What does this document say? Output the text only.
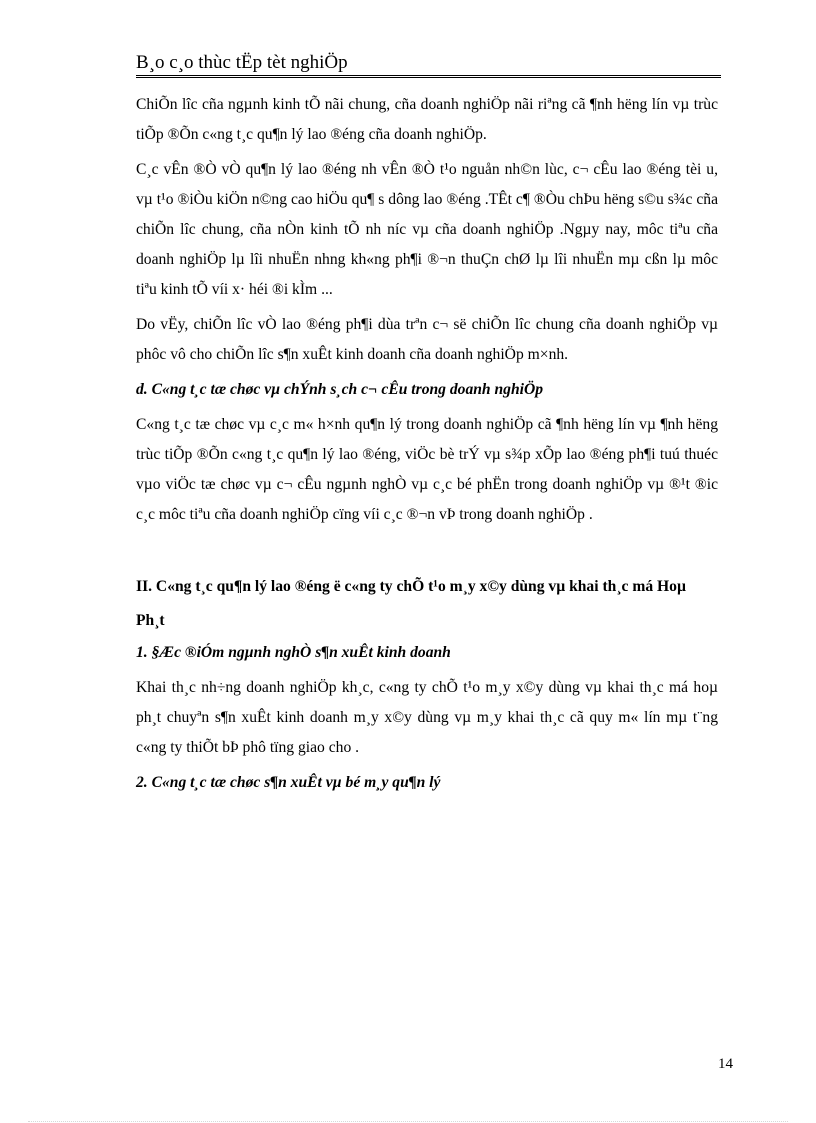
B¸o c¸o thùc tËp tèt nghiÖp

ChiÕn lîc cña ngµnh kinh tÕ nãi chung, cña doanh nghiÖp nãi riªng cã ¶nh hëng lín vµ trùc tiÕp ®Õn c«ng t¸c qu¶n lý lao ®éng cña doanh nghiÖp.

C¸c vÊn ®Ò vÒ qu¶n lý lao ®éng nh vÊn ®Ò t¹o nguån nh©n lùc, c¬ cÊu lao ®éng tèi u, vµ t¹o ®iÒu kiÖn n©ng cao hiÖu qu¶ s dông lao ®éng .TÊt c¶ ®Òu chÞu hëng s©u s¾c cña chiÕn lîc chung, cña nÒn kinh tÕ nh níc vµ cña doanh nghiÖp .Ngµy nay, môc tiªu cña doanh nghiÖp lµ lîi nhuËn nhng kh«ng ph¶i ®¬n thuÇn chØ lµ lîi nhuËn mµ cßn lµ môc tiªu kinh tÕ víi x· héi ®i kÌm ...

Do vËy, chiÕn lîc vÒ lao ®éng ph¶i dùa trªn c¬ së chiÕn lîc chung cña doanh nghiÖp vµ phôc vô cho chiÕn lîc s¶n xuÊt kinh doanh cña doanh nghiÖp m×nh.

d. C«ng t¸c tæ chøc vµ chÝnh s¸ch c¬ cÊu trong doanh nghiÖp

C«ng t¸c tæ chøc vµ c¸c m« h×nh qu¶n lý trong doanh nghiÖp cã ¶nh hëng lín vµ ¶nh hëng trùc tiÕp ®Õn c«ng t¸c qu¶n lý lao ®éng, viÖc bè trÝ vµ s¾p xÕp lao ®éng ph¶i tuú thuéc vµo viÖc tæ chøc vµ c¬ cÊu ngµnh nghÒ vµ c¸c bé phËn trong doanh nghiÖp vµ ®¹t ®ic c¸c môc tiªu cña doanh nghiÖp cïng víi c¸c ®¬n vÞ trong doanh nghiÖp .

II. C«ng t¸c qu¶n lý lao ®éng ë c«ng ty chÕ t¹o m¸y x©y dùng vµ khai th¸c má Hoµ Ph¸t
1. §Æc ®iÓm ngµnh nghÒ s¶n xuÊt kinh doanh

Khai th¸c nh÷ng doanh nghiÖp kh¸c, c«ng ty chÕ t¹o m¸y x©y dùng vµ khai th¸c má hoµ ph¸t chuyªn s¶n xuÊt kinh doanh m¸y x©y dùng vµ m¸y khai th¸c cã quy m« lín mµ t¨ng c«ng ty thiÕt bÞ phô tïng giao cho .

2. C«ng t¸c tæ chøc s¶n xuÊt vµ bé m¸y qu¶n lý
14
